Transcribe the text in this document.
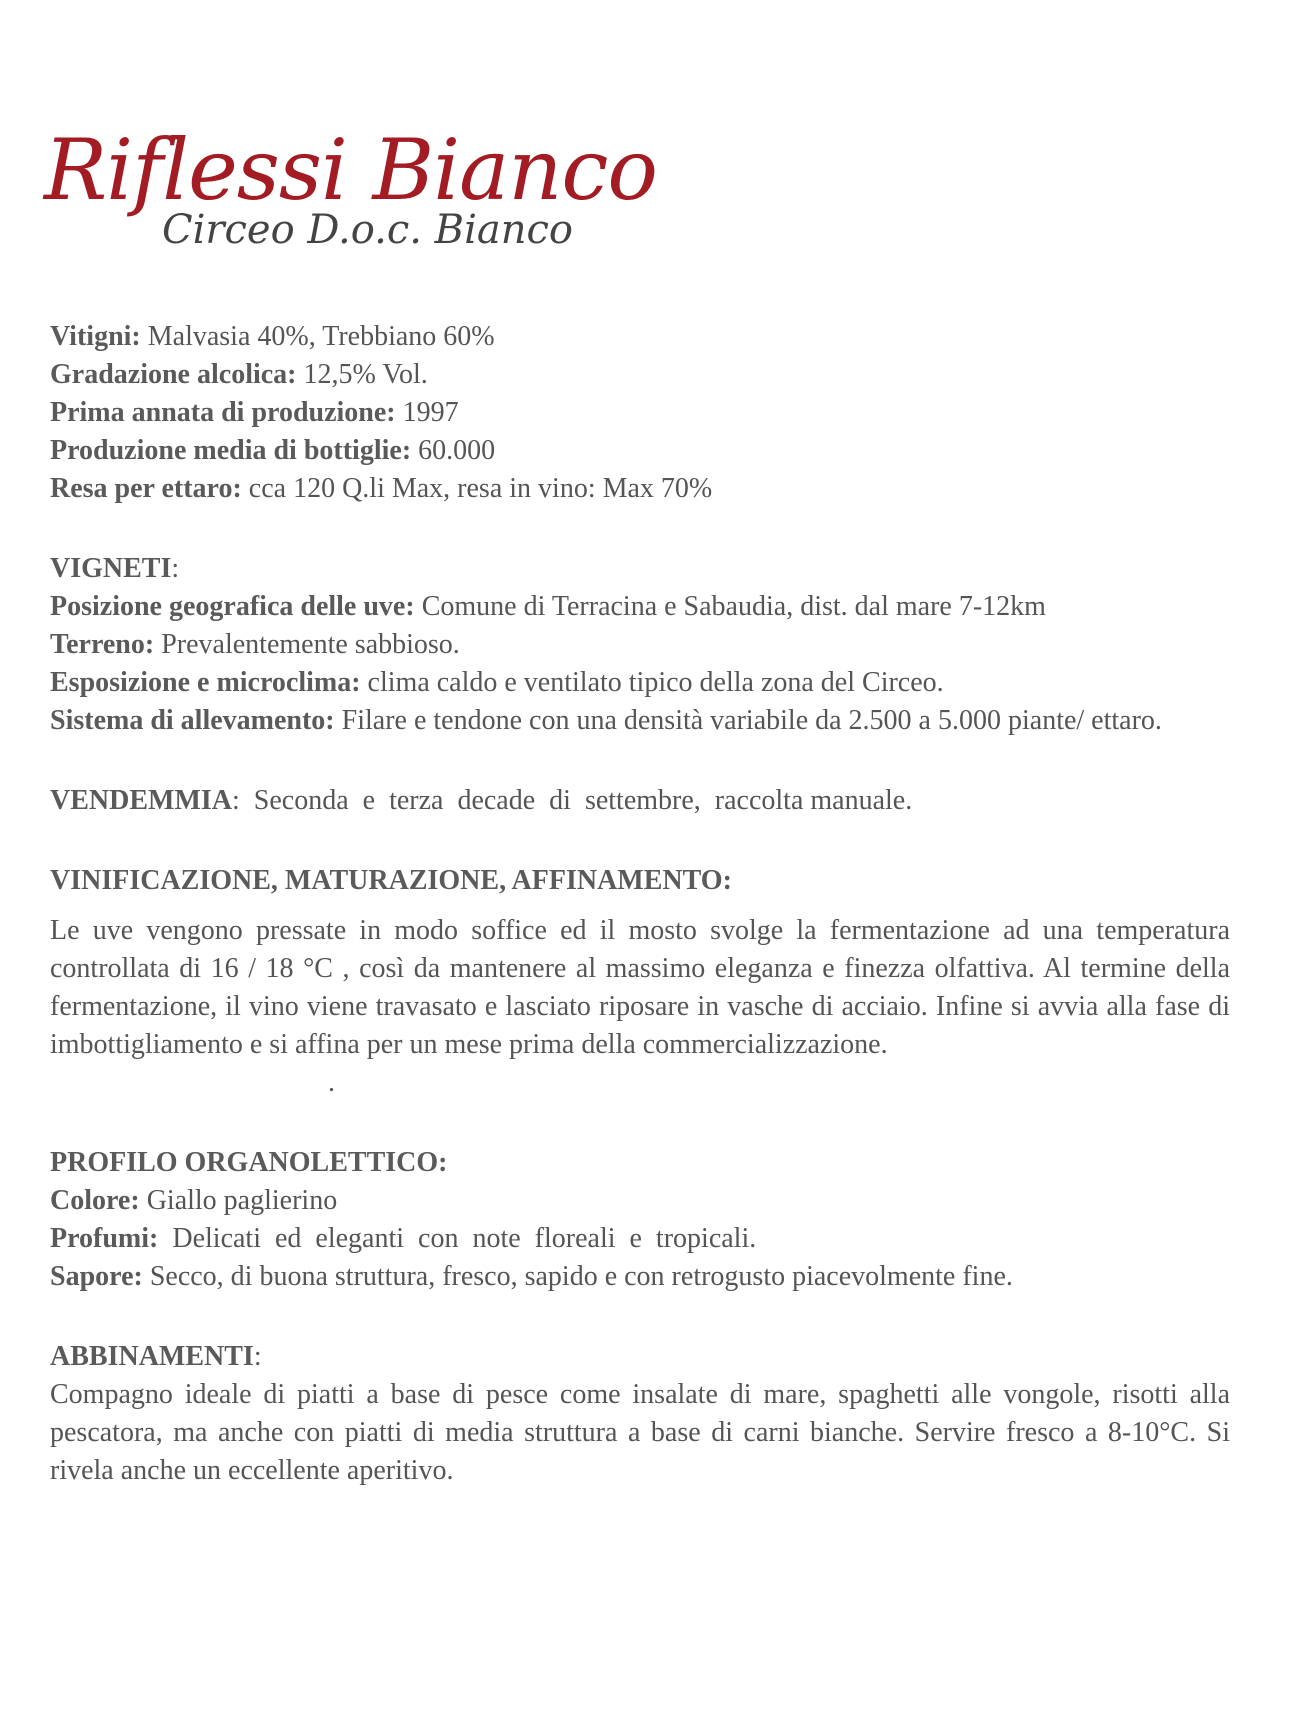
Riflessi Bianco
Circeo D.o.c. Bianco

Vitigni: Malvasia 40%, Trebbiano 60%

Gradazione alcolica: 12,5% Vol.

Prima annata di produzione: 1997

Produzione media di bottiglie: 60.000

Resa per ettaro: cca 120 Q.li Max, resa in vino: Max 70%

VIGNETI:

Posizione geografica delle uve: Comune di Terracina e Sabaudia, dist. dal mare 7-12km

Terreno: Prevalentemente sabbioso.

Esposizione e microclima: clima caldo e ventilato tipico della zona del Circeo.

Sistema di allevamento: Filare e tendone con una densità variabile da 2.500 a 5.000 piante/ ettaro.

VENDEMMIA:  Seconda  e  terza  decade  di  settembre,  raccolta manuale.

VINIFICAZIONE, MATURAZIONE, AFFINAMENTO:

Le uve vengono pressate in modo soffice ed il mosto svolge la fermentazione ad una temperatura controllata di 16 / 18 °C , così da mantenere al massimo eleganza e finezza olfattiva. Al termine della fermentazione, il vino viene travasato e lasciato riposare in vasche di acciaio. Infine si avvia alla fase di imbottigliamento e si affina per un mese prima della commercializzazione.

.

PROFILO ORGANOLETTICO:

Colore: Giallo paglierino

Profumi:  Delicati  ed  eleganti  con  note  floreali  e  tropicali.

Sapore: Secco, di buona struttura, fresco, sapido e con retrogusto piacevolmente fine.

ABBINAMENTI:

Compagno ideale di piatti a base di pesce come insalate di mare, spaghetti alle vongole, risotti alla pescatora, ma anche con piatti di media struttura a base di carni bianche. Servire fresco a 8-10°C. Si rivela anche un eccellente aperitivo.
